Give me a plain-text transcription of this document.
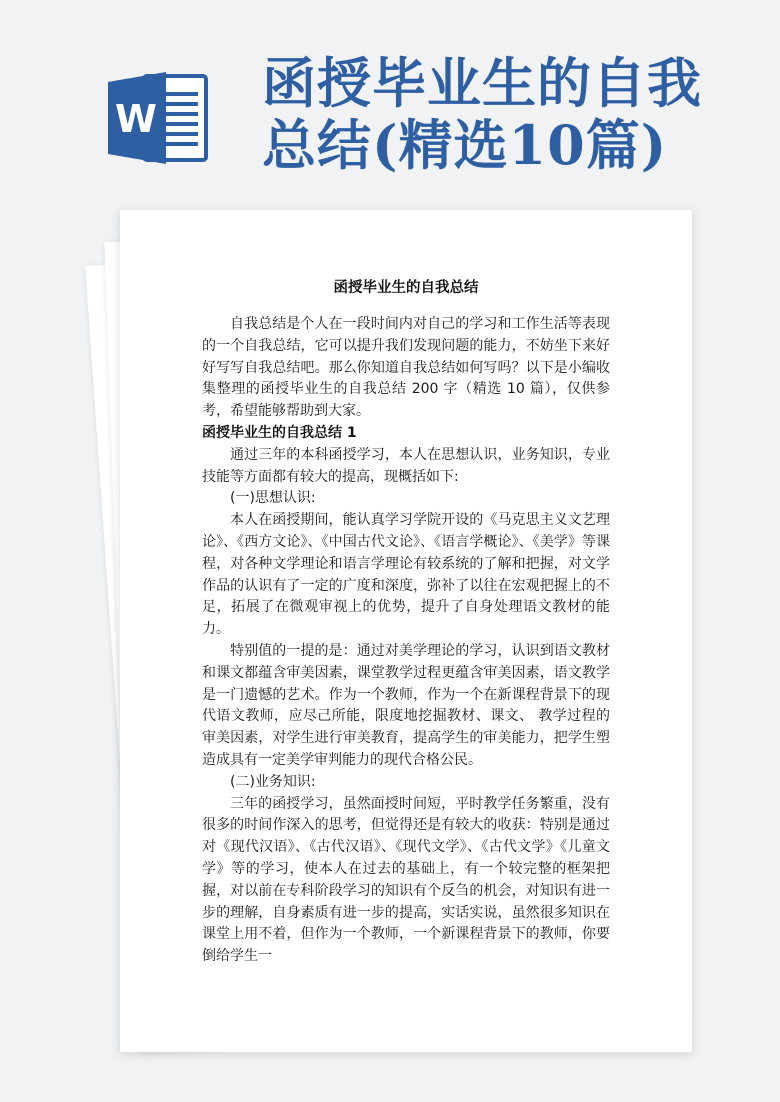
W
函授毕业生的自我
总结(精选10篇)
函授毕业生的自我总结

自我总结是个人在一段时间内对自己的学习和工作生活等表现的一个自我总结，它可以提升我们发现问题的能力，不妨坐下来好好写写自我总结吧。那么你知道自我总结如何写吗？以下是小编收集整理的函授毕业生的自我总结 200 字（精选 10 篇），仅供参考，希望能够帮助到大家。

函授毕业生的自我总结 1

通过三年的本科函授学习，本人在思想认识，业务知识，专业技能等方面都有较大的提高，现概括如下:

(一)思想认识:

本人在函授期间，能认真学习学院开设的《马克思主义文艺理论》、《西方文论》、《中国古代文论》、《语言学概论》、《美学》等课程，对各种文学理论和语言学理论有较系统的了解和把握，对文学作品的认识有了一定的广度和深度，弥补了以往在宏观把握上的不足，拓展了在微观审视上的优势，提升了自身处理语文教材的能力。

特别值的一提的是：通过对美学理论的学习，认识到语文教材和课文都蕴含审美因素，课堂教学过程更蕴含审美因素，语文教学是一门遗憾的艺术。作为一个教师，作为一个在新课程背景下的现代语文教师，应尽己所能，限度地挖掘教材、课文、 教学过程的审美因素，对学生进行审美教育，提高学生的审美能力，把学生塑造成具有一定美学审判能力的现代合格公民。

(二)业务知识:

三年的函授学习，虽然面授时间短，平时教学任务繁重，没有很多的时间作深入的思考，但觉得还是有较大的收获：特别是通过对《现代汉语》、《古代汉语》、《现代文学》、《古代文学》《儿童文学》等的学习，使本人在过去的基础上，有一个较完整的框架把握，对以前在专科阶段学习的知识有个反刍的机会，对知识有进一步的理解，自身素质有进一步的提高，实话实说，虽然很多知识在课堂上用不着，但作为一个教师，一个新课程背景下的教师，你要倒给学生一
